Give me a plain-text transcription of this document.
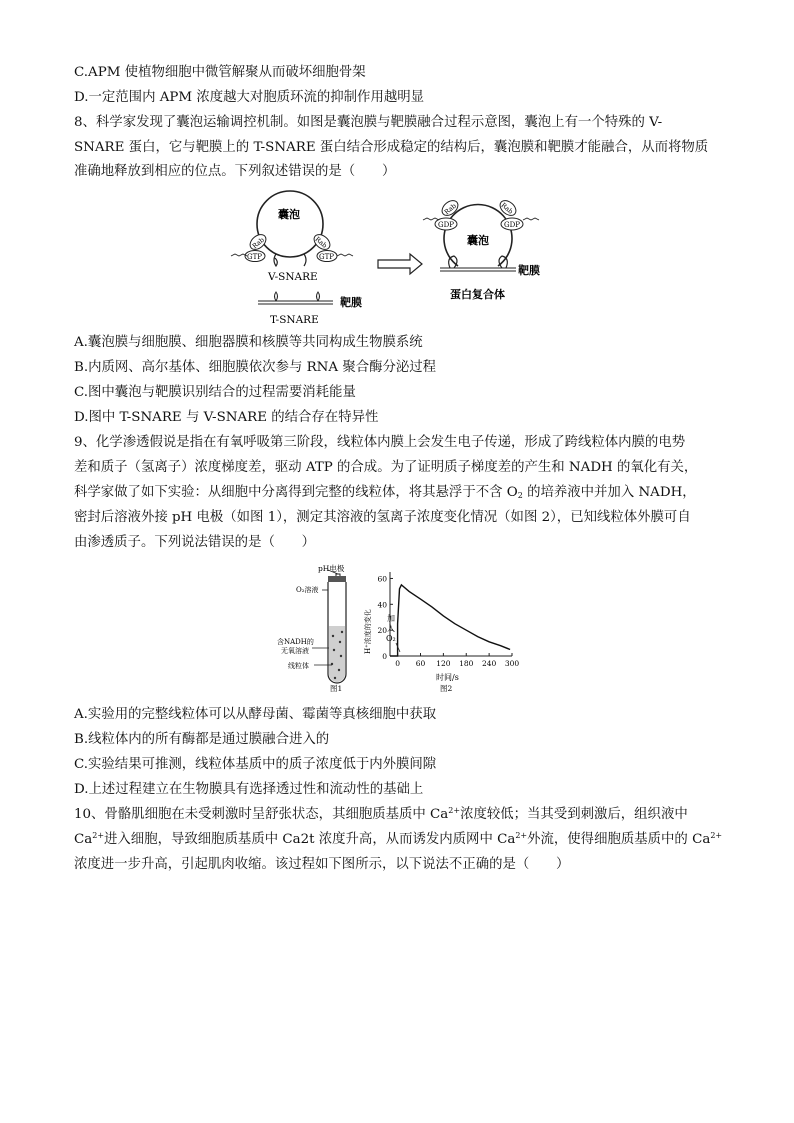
C.APM 使植物细胞中微管解聚从而破坏细胞骨架
D.一定范围内 APM 浓度越大对胞质环流的抑制作用越明显
8、科学家发现了囊泡运输调控机制。如图是囊泡膜与靶膜融合过程示意图，囊泡上有一个特殊的 V-
SNARE 蛋白，它与靶膜上的 T-SNARE 蛋白结合形成稳定的结构后，囊泡膜和靶膜才能融合，从而将物质
准确地释放到相应的位点。下列叙述错误的是（　　）
囊泡
Rab
GTP
Rab
GTP
V-SNARE
靶膜
T-SNARE
囊泡
GDP
Rab
GDP
Rab
靶膜
蛋白复合体
A.囊泡膜与细胞膜、细胞器膜和核膜等共同构成生物膜系统
B.内质网、高尔基体、细胞膜依次参与 RNA 聚合酶分泌过程
C.图中囊泡与靶膜识别结合的过程需要消耗能量
D.图中 T-SNARE 与 V-SNARE 的结合存在特异性
9、化学渗透假说是指在有氧呼吸第三阶段，线粒体内膜上会发生电子传递，形成了跨线粒体内膜的电势
差和质子（氢离子）浓度梯度差，驱动 ATP 的合成。为了证明质子梯度差的产生和 NADH 的氧化有关，
科学家做了如下实验：从细胞中分离得到完整的线粒体，将其悬浮于不含 $O_2$ 的培养液中并加入 NADH，
密封后溶液外接 pH 电极（如图 1），测定其溶液的氢离子浓度变化情况（如图 2），已知线粒体外膜可自
由渗透质子。下列说法错误的是（　　）
pH电极
O₂溶液
含NADH的
无氧溶液
线粒体
图1
H⁺浓度的变化
0
20
40
60
0 60 120 180 240 300
加
入
O₂
时间/s
图2
A.实验用的完整线粒体可以从酵母菌、霉菌等真核细胞中获取
B.线粒体内的所有酶都是通过膜融合进入的
C.实验结果可推测，线粒体基质中的质子浓度低于内外膜间隙
D.上述过程建立在生物膜具有选择透过性和流动性的基础上
10、骨骼肌细胞在未受刺激时呈舒张状态，其细胞质基质中 $Ca^{2+}$浓度较低；当其受到刺激后，组织液中
$Ca^{2+}$进入细胞，导致细胞质基质中 Ca2t 浓度升高，从而诱发内质网中 $Ca^{2+}$外流，使得细胞质基质中的 $Ca^{2+}$
浓度进一步升高，引起肌肉收缩。该过程如下图所示，以下说法不正确的是（　　）
